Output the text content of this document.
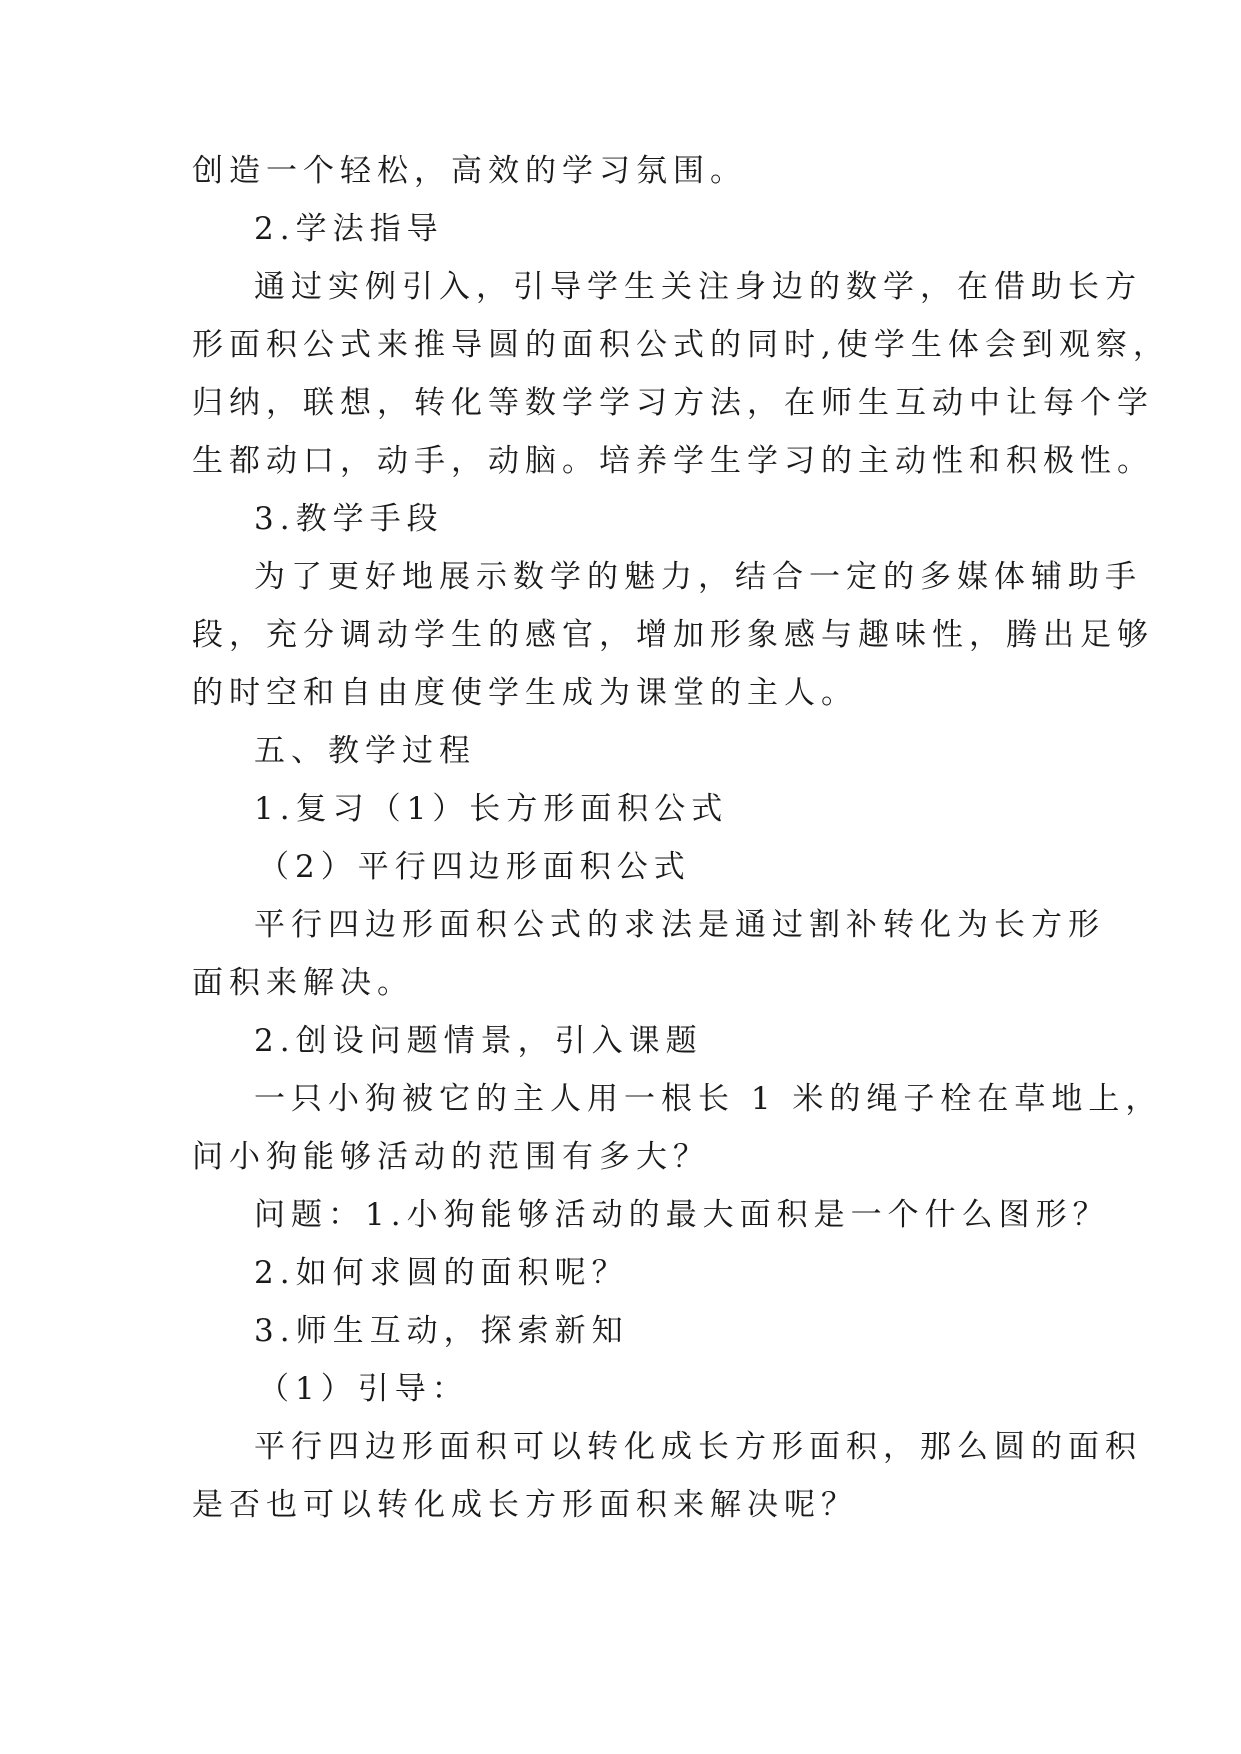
创造一个轻松，高效的学习氛围。

2.学法指导

通过实例引入，引导学生关注身边的数学，在借助长方

形面积公式来推导圆的面积公式的同时,使学生体会到观察，

归纳，联想，转化等数学学习方法，在师生互动中让每个学

生都动口，动手，动脑。培养学生学习的主动性和积极性。

3.教学手段

为了更好地展示数学的魅力，结合一定的多媒体辅助手

段，充分调动学生的感官，增加形象感与趣味性，腾出足够

的时空和自由度使学生成为课堂的主人。

五、教学过程

1.复习（1）长方形面积公式

（2）平行四边形面积公式

平行四边形面积公式的求法是通过割补转化为长方形

面积来解决。

2.创设问题情景，引入课题

一只小狗被它的主人用一根长 1 米的绳子栓在草地上，

问小狗能够活动的范围有多大？

问题：1.小狗能够活动的最大面积是一个什么图形？

2.如何求圆的面积呢？

3.师生互动，探索新知

（1）引导：

平行四边形面积可以转化成长方形面积，那么圆的面积

是否也可以转化成长方形面积来解决呢？
